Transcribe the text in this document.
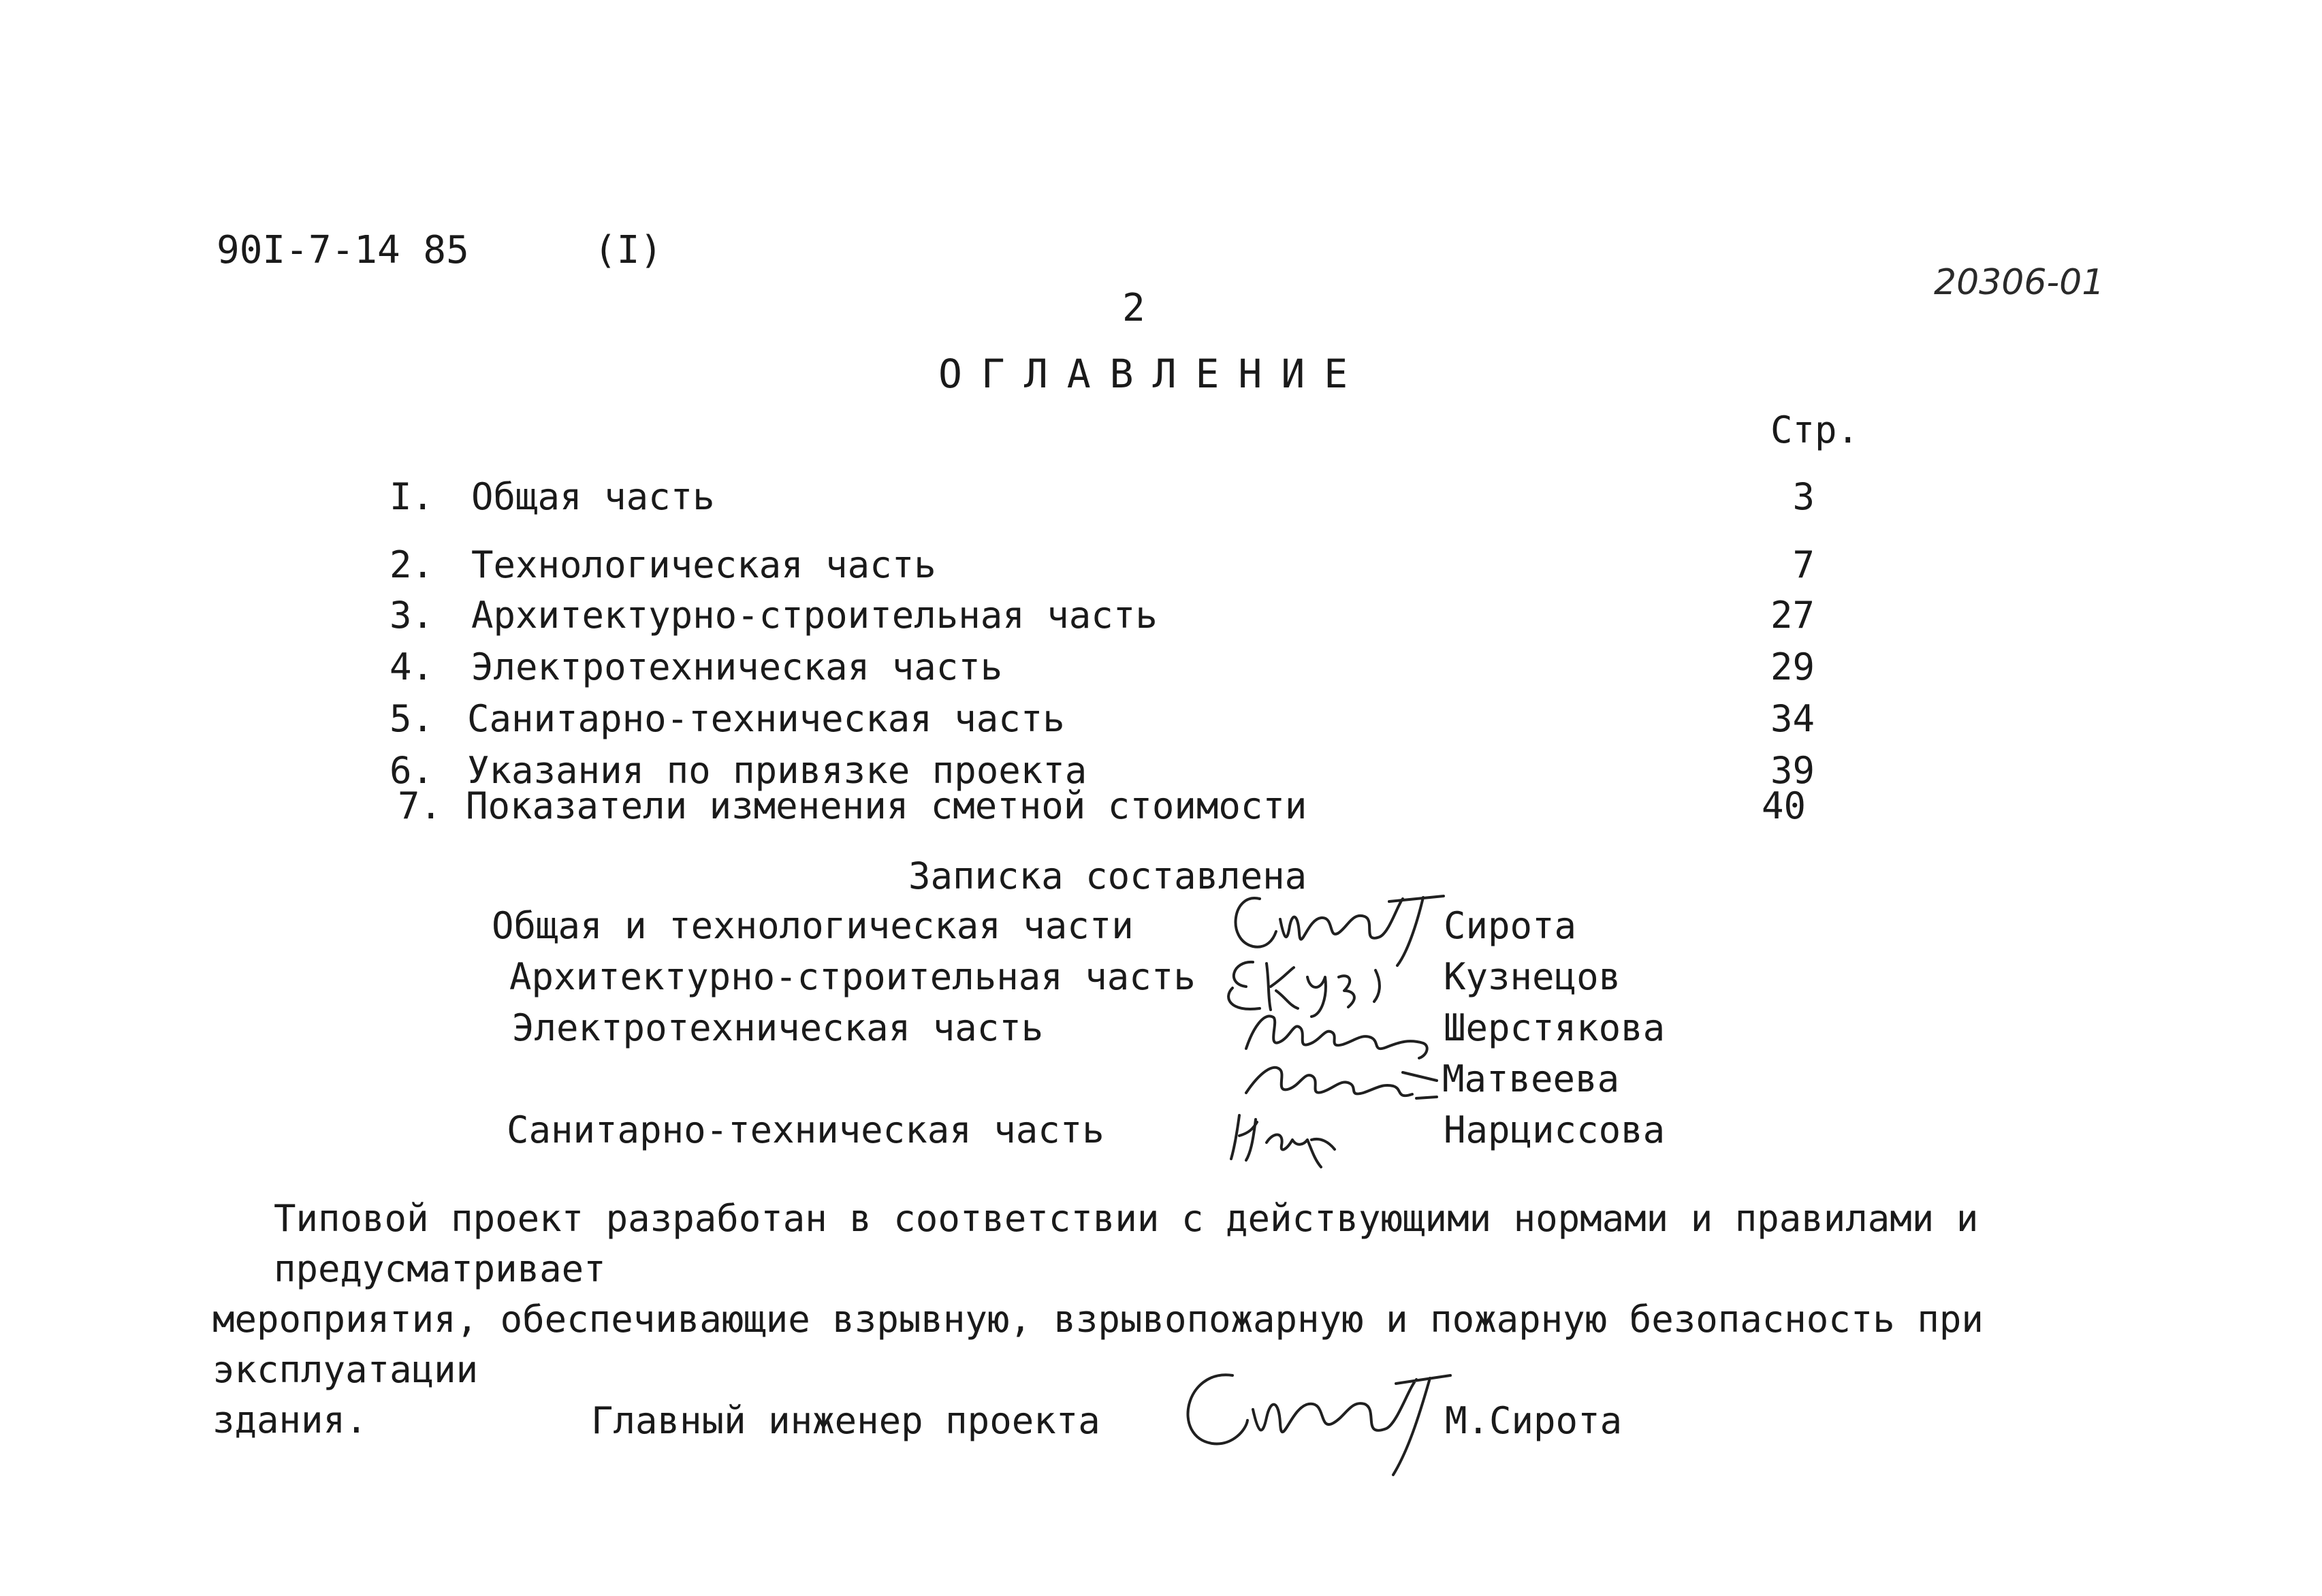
90I-7-14 85	(I)
20306-01
2
ОГЛАВЛЕНИЕ
Стр.
I. Общая часть	3
2. Технологическая часть	7
3. Архитектурно-строительная часть	27
4. Электротехническая часть	29
5. Санитарно-техническая часть	34
6. Указания по привязке проекта	39
7. Показатели изменения сметной стоимости	40
Записка составлена
Общая и технологическая части	Сирота
Архитектурно-строительная часть	Кузнецов
Электротехническая часть	Шерстякова
Матвеева
Санитарно-техническая часть	Нарциссова
Типовой проект разработан в соответствии с действующими нормами и правилами и предусматривает
мероприятия, обеспечивающие взрывную, взрывопожарную и пожарную безопасность при эксплуатации
здания.	Главный инженер проекта	М.Сирота
